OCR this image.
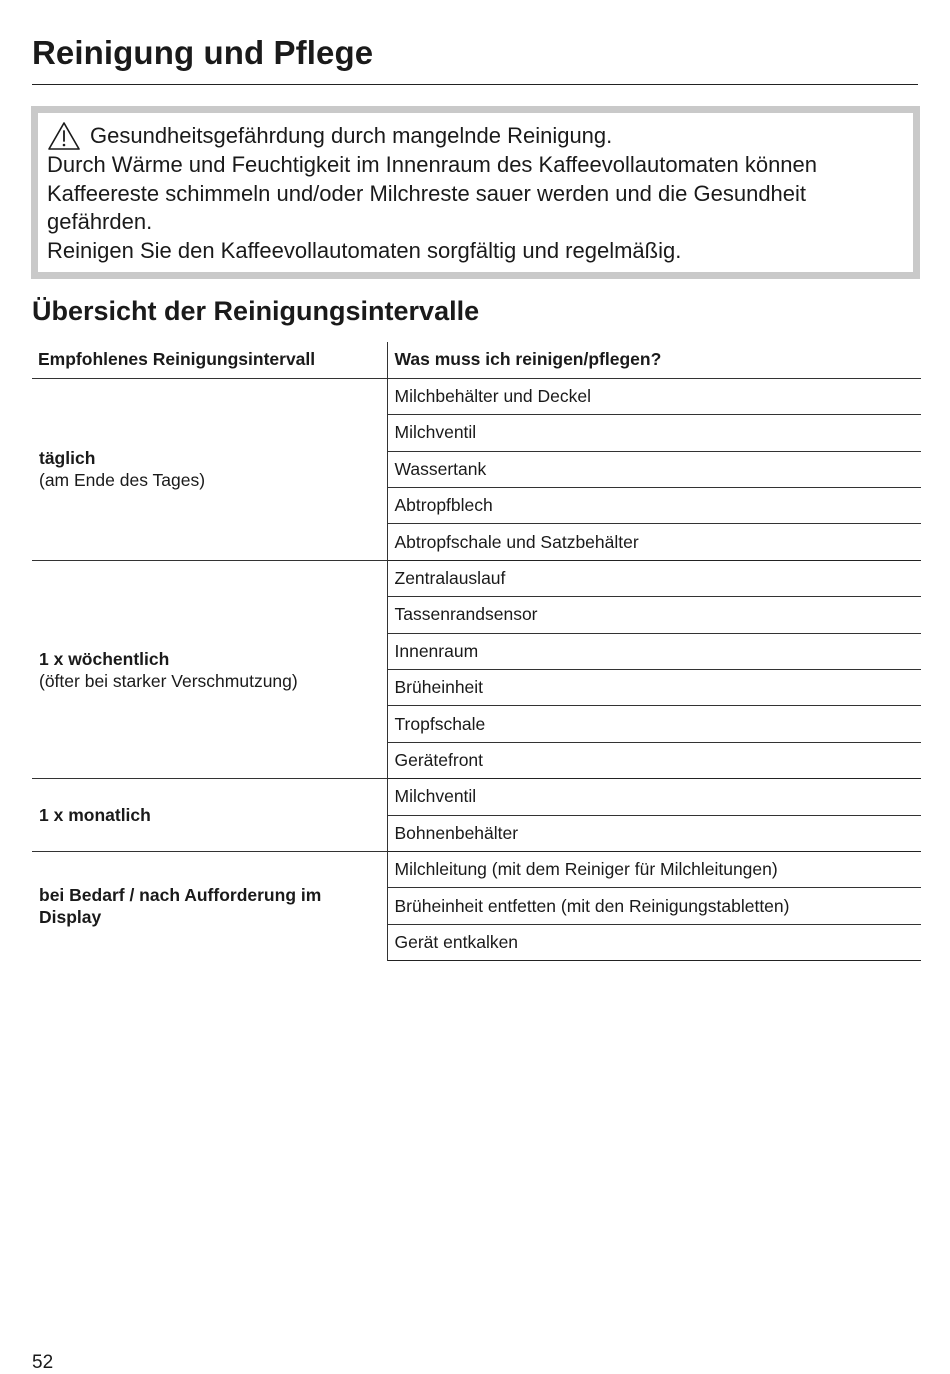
Reinigung und Pflege

Gesundheitsgefährdung durch mangelnde Reinigung.

Durch Wärme und Feuchtigkeit im Innenraum des Kaffeevollautomaten können Kaffeereste schimmeln und/oder Milchreste sauer werden und die Gesundheit gefährden.

Reinigen Sie den Kaffeevollautomaten sorgfältig und regelmäßig.

Übersicht der Reinigungsintervalle
Empfohlenes Reinigungsintervall	Was muss ich reinigen/pflegen?

täglich
(am Ende des Tages)	Milchbehälter und Deckel
	Milchventil
	Wassertank
	Abtropfblech
	Abtropfschale und Satzbehälter

1 x wöchentlich
(öfter bei starker Verschmutzung)	Zentralauslauf
	Tassenrandsensor
	Innenraum
	Brüheinheit
	Tropfschale
	Gerätefront

1 x monatlich	Milchventil
	Bohnenbehälter

bei Bedarf / nach Aufforderung im Display	Milchleitung (mit dem Reiniger für Milchleitungen)
	Brüheinheit entfetten (mit den Reinigungstabletten)
	Gerät entkalken
52
